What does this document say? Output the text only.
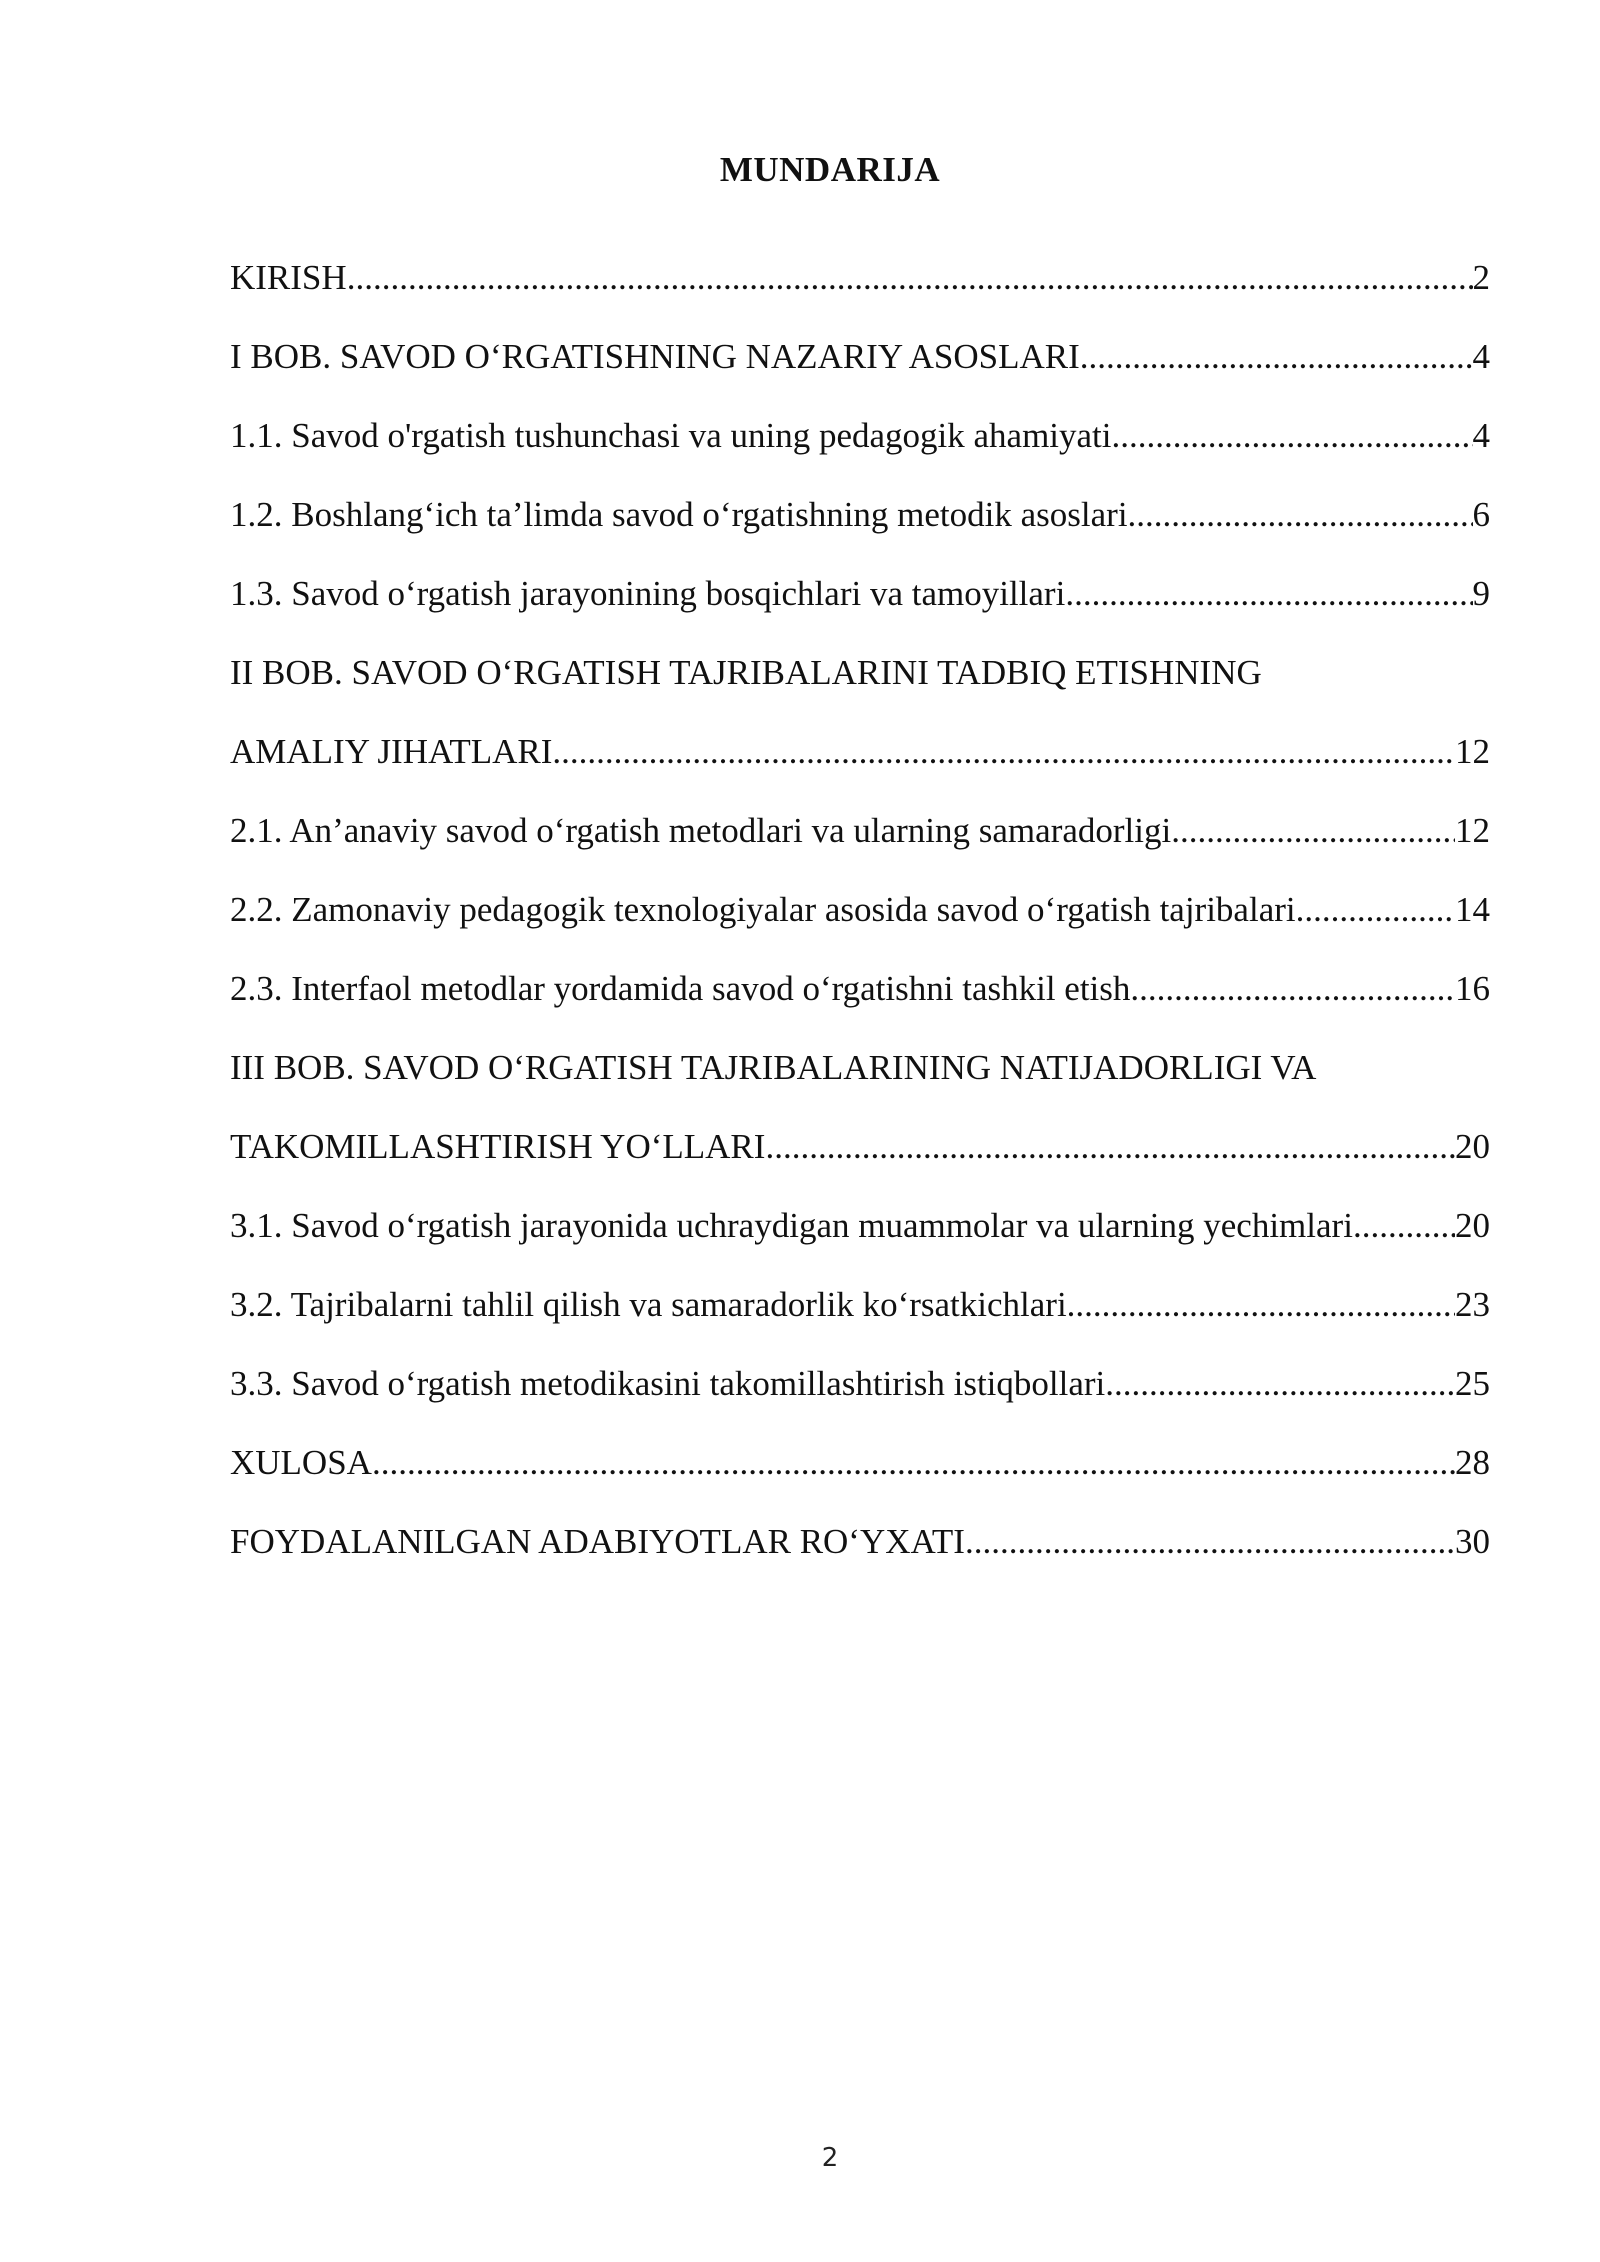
MUNDARIJA
KIRISH .....	2
I BOB. SAVOD O‘RGATISHNING NAZARIY ASOSLARI .....	4
1.1. Savod o'rgatish tushunchasi va uning pedagogik ahamiyati .....	4
1.2. Boshlang‘ich ta’limda savod o‘rgatishning metodik asoslari .....	6
1.3. Savod o‘rgatish jarayonining bosqichlari va tamoyillari .....	9
II BOB. SAVOD O‘RGATISH TAJRIBALARINI TADBIQ ETISHNING
AMALIY JIHATLARI .....	12
2.1. An’anaviy savod o‘rgatish metodlari va ularning samaradorligi .....	12
2.2. Zamonaviy pedagogik texnologiyalar asosida savod o‘rgatish tajribalari .....	14
2.3. Interfaol metodlar yordamida savod o‘rgatishni tashkil etish .....	16
III BOB. SAVOD O‘RGATISH TAJRIBALARINING NATIJADORLIGI VA
TAKOMILLASHTIRISH YO‘LLARI .....	20
3.1. Savod o‘rgatish jarayonida uchraydigan muammolar va ularning yechimlari .....	20
3.2. Tajribalarni tahlil qilish va samaradorlik ko‘rsatkichlari .....	23
3.3. Savod o‘rgatish metodikasini takomillashtirish istiqbollari .....	25
XULOSA .....	28
FOYDALANILGAN ADABIYOTLAR RO‘YXATI .....	30
2
